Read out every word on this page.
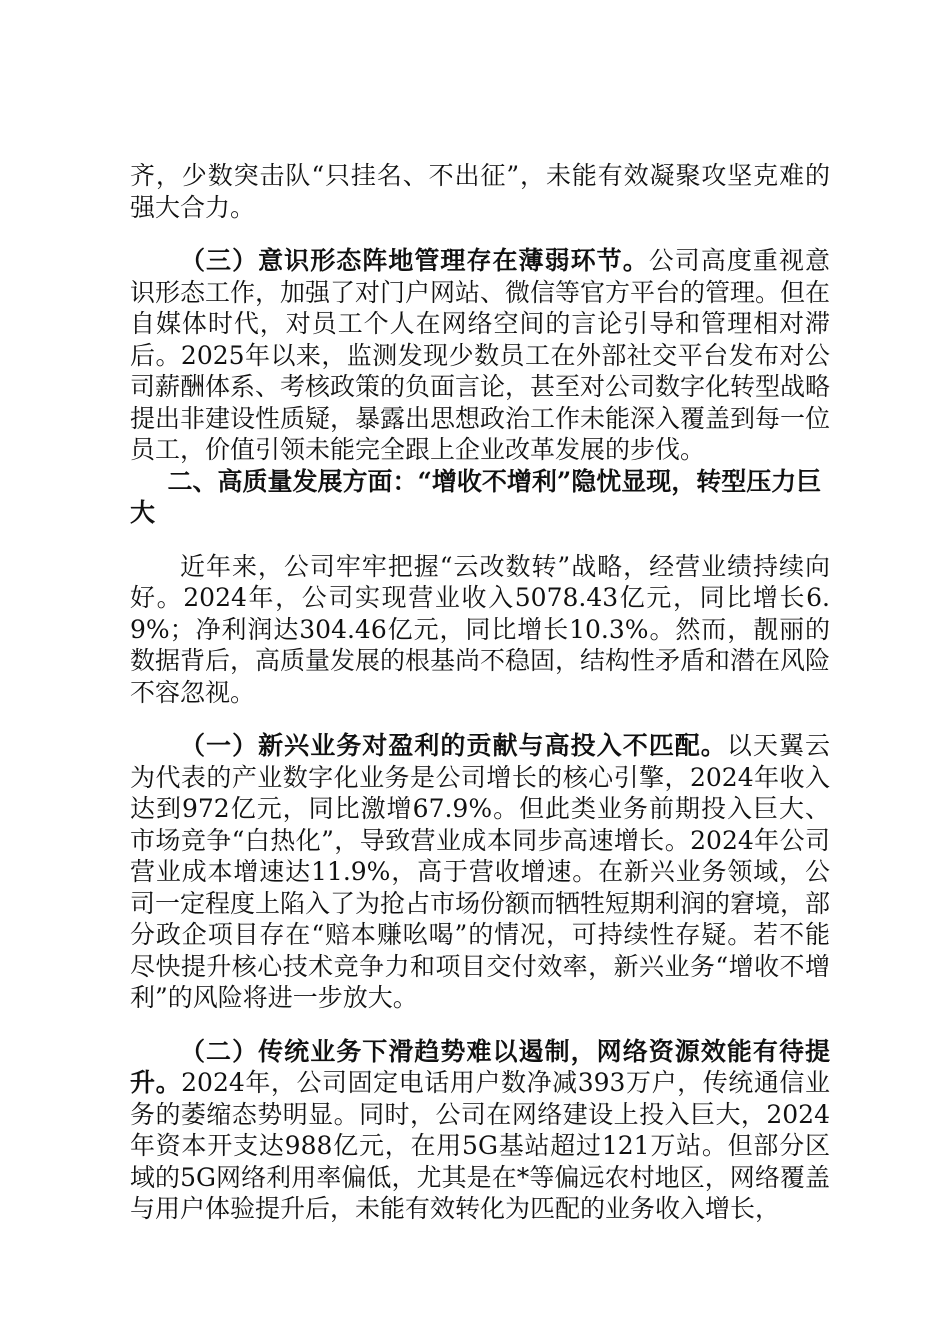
齐，少数突击队“只挂名、不出征”，未能有效凝聚攻坚克难的强大合力。

（三）意识形态阵地管理存在薄弱环节。公司高度重视意识形态工作，加强了对门户网站、微信等官方平台的管理。但在自媒体时代，对员工个人在网络空间的言论引导和管理相对滞后。2025年以来，监测发现少数员工在外部社交平台发布对公司薪酬体系、考核政策的负面言论，甚至对公司数字化转型战略提出非建设性质疑，暴露出思想政治工作未能深入覆盖到每一位员工，价值引领未能完全跟上企业改革发展的步伐。

二、高质量发展方面：“增收不增利”隐忧显现，转型压力巨大

近年来，公司牢牢把握“云改数转”战略，经营业绩持续向好。2024年，公司实现营业收入5078.43亿元，同比增长6.9%；净利润达304.46亿元，同比增长10.3%。然而，靓丽的数据背后，高质量发展的根基尚不稳固，结构性矛盾和潜在风险不容忽视。

（一）新兴业务对盈利的贡献与高投入不匹配。以天翼云为代表的产业数字化业务是公司增长的核心引擎，2024年收入达到972亿元，同比激增67.9%。但此类业务前期投入巨大、市场竞争“白热化”，导致营业成本同步高速增长。2024年公司营业成本增速达11.9%，高于营收增速。在新兴业务领域，公司一定程度上陷入了为抢占市场份额而牺牲短期利润的窘境，部分政企项目存在“赔本赚吆喝”的情况，可持续性存疑。若不能尽快提升核心技术竞争力和项目交付效率，新兴业务“增收不增利”的风险将进一步放大。

（二）传统业务下滑趋势难以遏制，网络资源效能有待提升。2024年，公司固定电话用户数净减393万户，传统通信业务的萎缩态势明显。同时，公司在网络建设上投入巨大，2024年资本开支达988亿元，在用5G基站超过121万站。但部分区域的5G网络利用率偏低，尤其是在*等偏远农村地区，网络覆盖与用户体验提升后，未能有效转化为匹配的业务收入增长，
